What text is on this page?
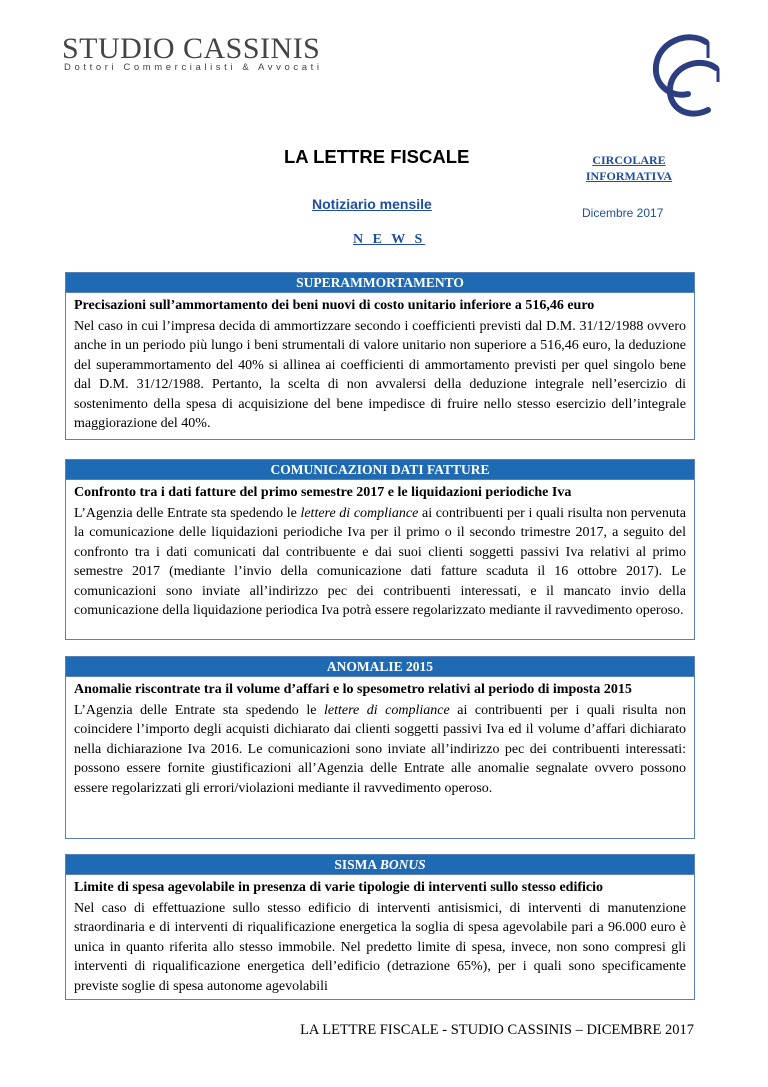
STUDIO CASSINIS
Dottori Commercialisti & Avvocati
LA LETTRE FISCALE
Notiziario mensile
N E W S
CIRCOLARE INFORMATIVA
Dicembre 2017
SUPERAMMORTAMENTO
Precisazioni sull’ammortamento dei beni nuovi di costo unitario inferiore a 516,46 euro
Nel caso in cui l’impresa decida di ammortizzare secondo i coefficienti previsti dal D.M. 31/12/1988 ovvero anche in un periodo più lungo i beni strumentali di valore unitario non superiore a 516,46 euro, la deduzione del superammortamento del 40% si allinea ai coefficienti di ammortamento previsti per quel singolo bene dal D.M. 31/12/1988. Pertanto, la scelta di non avvalersi della deduzione integrale nell’esercizio di sostenimento della spesa di acquisizione del bene impedisce di fruire nello stesso esercizio dell’integrale maggiorazione del 40%.
COMUNICAZIONI DATI FATTURE
Confronto tra i dati fatture del primo semestre 2017 e le liquidazioni periodiche Iva
L’Agenzia delle Entrate sta spedendo le lettere di compliance ai contribuenti per i quali risulta non pervenuta la comunicazione delle liquidazioni periodiche Iva per il primo o il secondo trimestre 2017, a seguito del confronto tra i dati comunicati dal contribuente e dai suoi clienti soggetti passivi Iva relativi al primo semestre 2017 (mediante l’invio della comunicazione dati fatture scaduta il 16 ottobre 2017). Le comunicazioni sono inviate all’indirizzo pec dei contribuenti interessati, e il mancato invio della comunicazione della liquidazione periodica Iva potrà essere regolarizzato mediante il ravvedimento operoso.
ANOMALIE 2015
Anomalie riscontrate tra il volume d’affari e lo spesometro relativi al periodo di imposta 2015
L’Agenzia delle Entrate sta spedendo le lettere di compliance ai contribuenti per i quali risulta non coincidere l’importo degli acquisti dichiarato dai clienti soggetti passivi Iva ed il volume d’affari dichiarato nella dichiarazione Iva 2016. Le comunicazioni sono inviate all’indirizzo pec dei contribuenti interessati: possono essere fornite giustificazioni all’Agenzia delle Entrate alle anomalie segnalate ovvero possono essere regolarizzati gli errori/violazioni mediante il ravvedimento operoso.
SISMA BONUS
Limite di spesa agevolabile in presenza di varie tipologie di interventi sullo stesso edificio
Nel caso di effettuazione sullo stesso edificio di interventi antisismici, di interventi di manutenzione straordinaria e di interventi di riqualificazione energetica la soglia di spesa agevolabile pari a 96.000 euro è unica in quanto riferita allo stesso immobile. Nel predetto limite di spesa, invece, non sono compresi gli interventi di riqualificazione energetica dell’edificio (detrazione 65%), per i quali sono specificamente previste soglie di spesa autonome agevolabili
LA LETTRE FISCALE - STUDIO CASSINIS – DICEMBRE 2017
